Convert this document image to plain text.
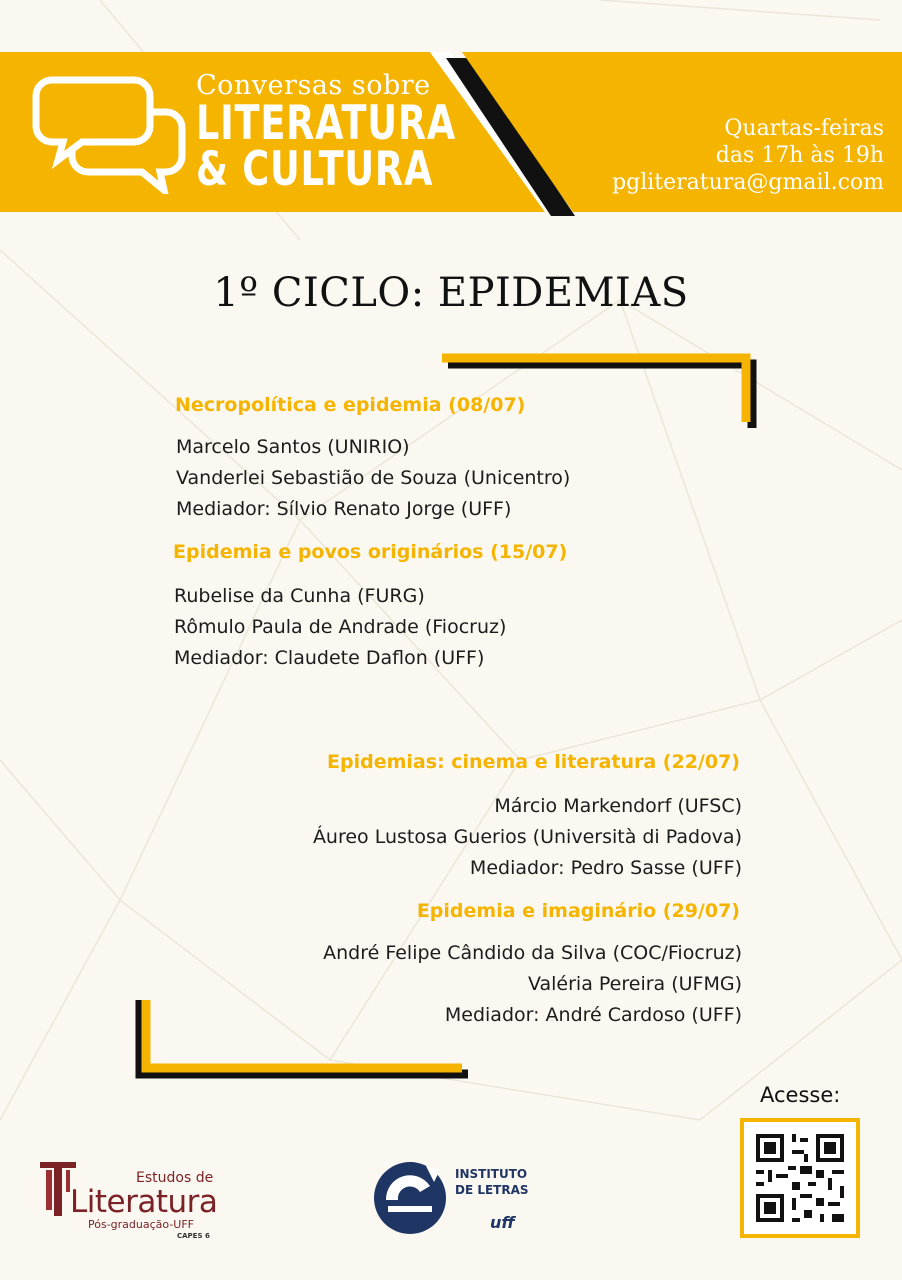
Conversas sobre
LITERATURA
& CULTURA
Quartas-feiras
das 17h às 19h
pgliteratura@gmail.com
1º CICLO: EPIDEMIAS
Necropolítica e epidemia (08/07)
Marcelo Santos (UNIRIO)
Vanderlei Sebastião de Souza (Unicentro)
Mediador: Sílvio Renato Jorge (UFF)
Epidemia e povos originários (15/07)
Rubelise da Cunha (FURG)
Rômulo Paula de Andrade (Fiocruz)
Mediador: Claudete Daflon (UFF)
Epidemias: cinema e literatura (22/07)
Márcio Markendorf (UFSC)
Áureo Lustosa Guerios (Università di Padova)
Mediador: Pedro Sasse (UFF)
Epidemia e imaginário (29/07)
André Felipe Cândido da Silva (COC/Fiocruz)
Valéria Pereira (UFMG)
Mediador: André Cardoso (UFF)
Acesse:
Estudos de
Literatura
Pós-graduação-UFF
CAPES 6
INSTITUTO
DE LETRAS
uff
